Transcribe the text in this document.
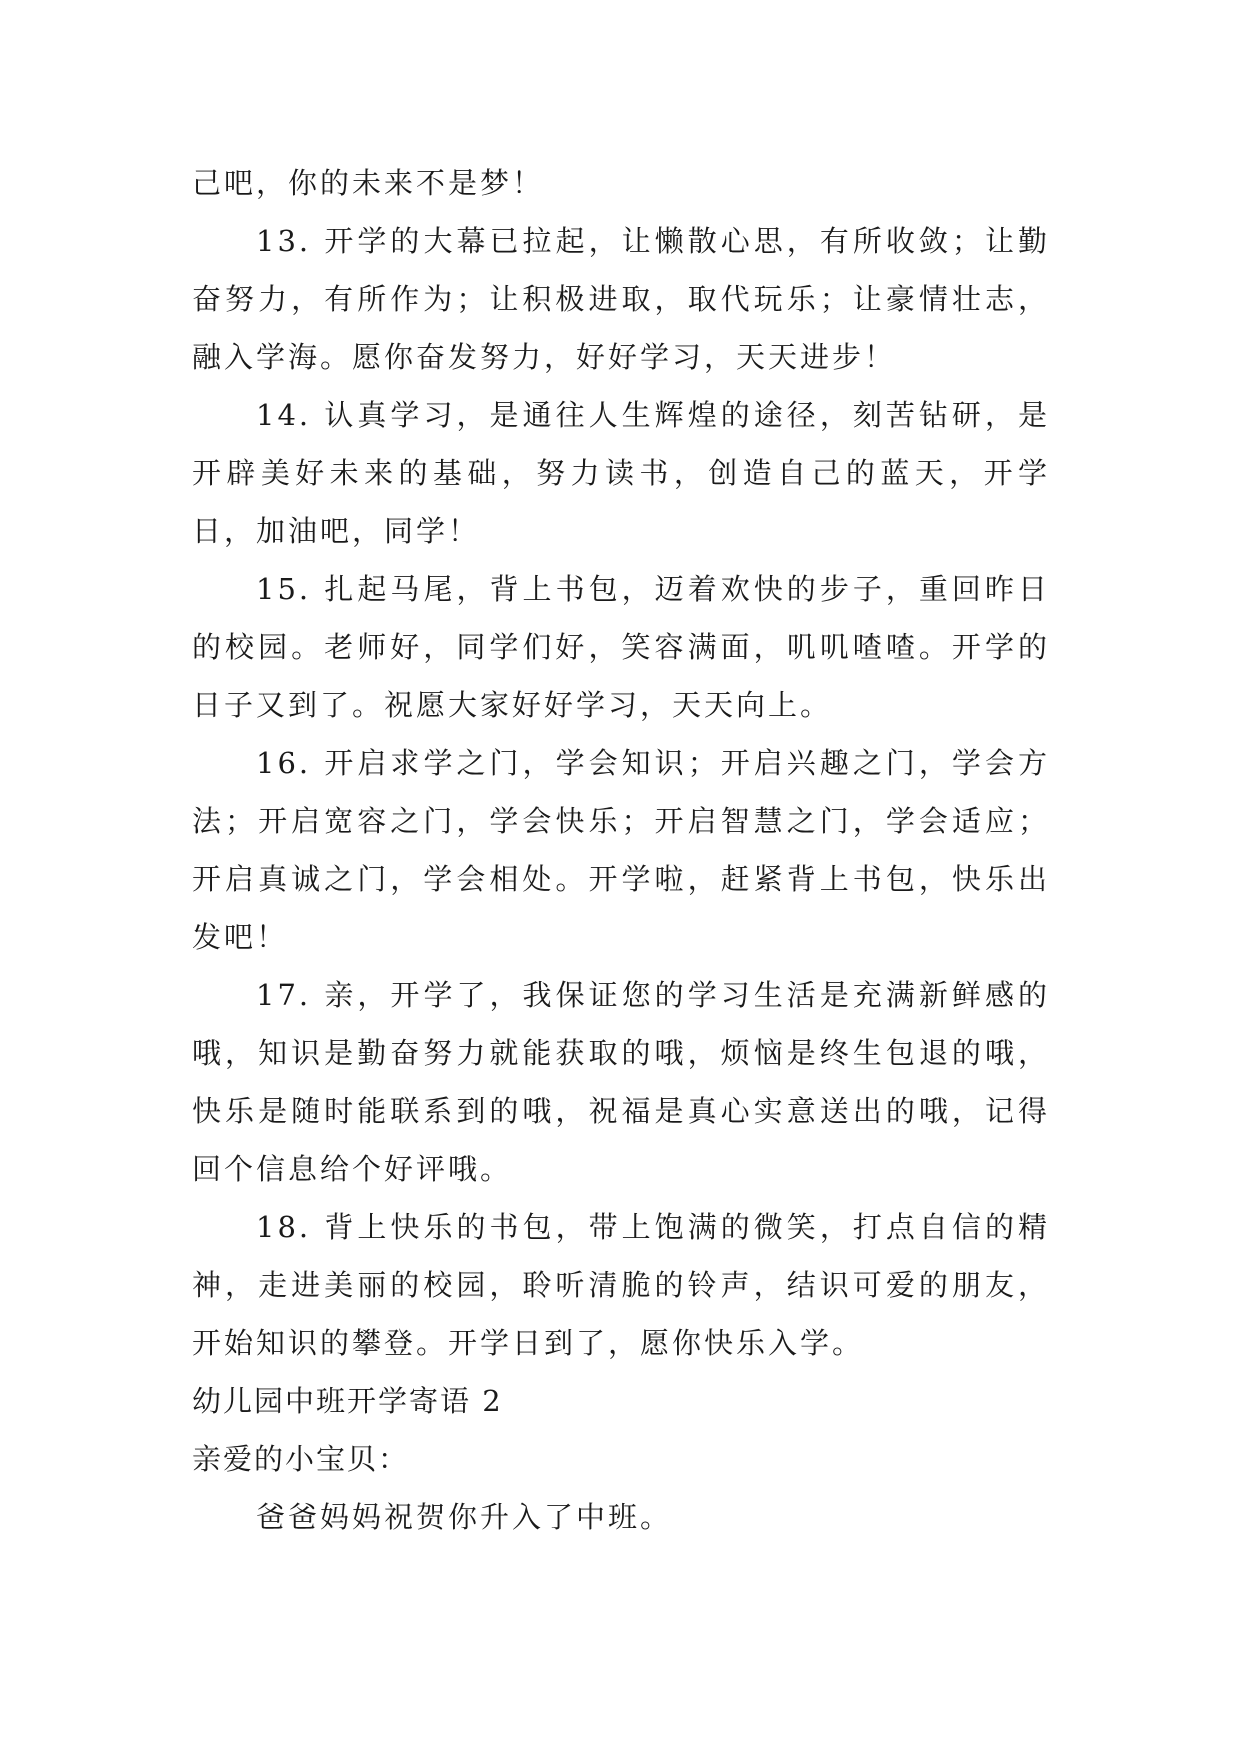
己吧，你的未来不是梦！

13. 开学的大幕已拉起，让懒散心思，有所收敛；让勤奋努力，有所作为；让积极进取，取代玩乐；让豪情壮志，融入学海。愿你奋发努力，好好学习，天天进步！

14. 认真学习，是通往人生辉煌的途径，刻苦钻研，是开辟美好未来的基础，努力读书，创造自己的蓝天，开学日，加油吧，同学！

15. 扎起马尾，背上书包，迈着欢快的步子，重回昨日的校园。老师好，同学们好，笑容满面，叽叽喳喳。开学的日子又到了。祝愿大家好好学习，天天向上。

16. 开启求学之门，学会知识；开启兴趣之门，学会方法；开启宽容之门，学会快乐；开启智慧之门，学会适应；开启真诚之门，学会相处。开学啦，赶紧背上书包，快乐出发吧！

17. 亲，开学了，我保证您的学习生活是充满新鲜感的哦，知识是勤奋努力就能获取的哦，烦恼是终生包退的哦，快乐是随时能联系到的哦，祝福是真心实意送出的哦，记得回个信息给个好评哦。

18. 背上快乐的书包，带上饱满的微笑，打点自信的精神，走进美丽的校园，聆听清脆的铃声，结识可爱的朋友，开始知识的攀登。开学日到了，愿你快乐入学。

幼儿园中班开学寄语 2

亲爱的小宝贝：

爸爸妈妈祝贺你升入了中班。
